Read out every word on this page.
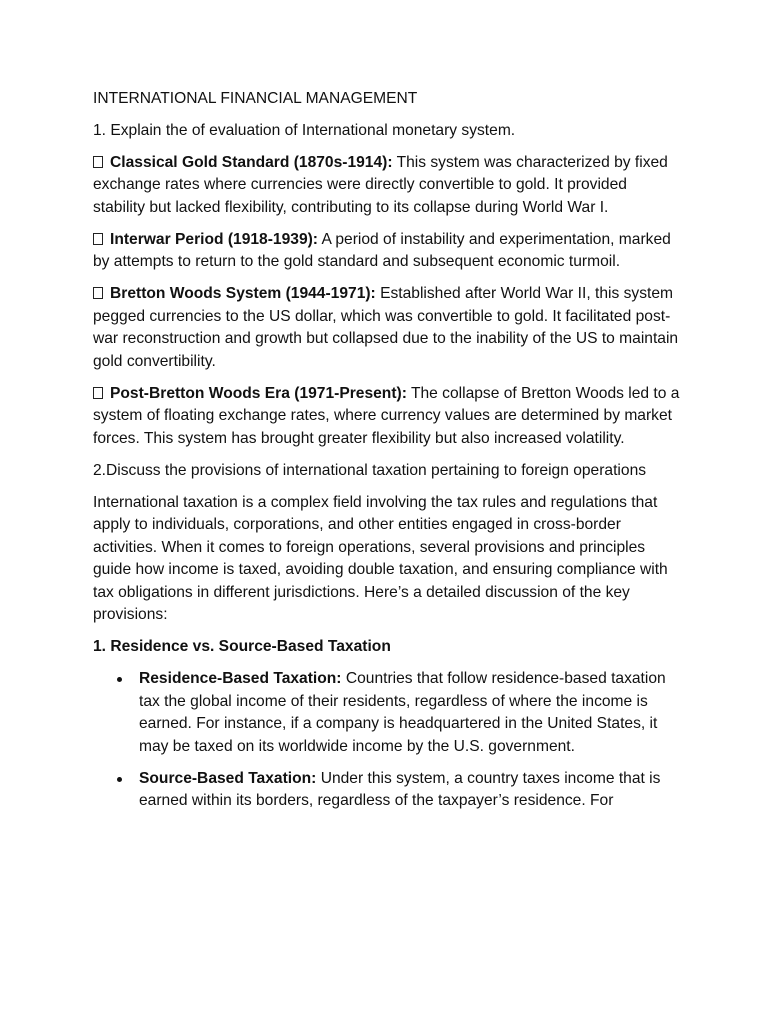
INTERNATIONAL FINANCIAL MANAGEMENT

1. Explain the of evaluation of International monetary system.

Classical Gold Standard (1870s-1914): This system was characterized by fixed exchange rates where currencies were directly convertible to gold. It provided stability but lacked flexibility, contributing to its collapse during World War I.

Interwar Period (1918-1939): A period of instability and experimentation, marked by attempts to return to the gold standard and subsequent economic turmoil.

Bretton Woods System (1944-1971): Established after World War II, this system pegged currencies to the US dollar, which was convertible to gold. It facilitated post-war reconstruction and growth but collapsed due to the inability of the US to maintain gold convertibility.

Post-Bretton Woods Era (1971-Present): The collapse of Bretton Woods led to a system of floating exchange rates, where currency values are determined by market forces. This system has brought greater flexibility but also increased volatility.

2.Discuss the provisions of international taxation pertaining to foreign operations

International taxation is a complex field involving the tax rules and regulations that apply to individuals, corporations, and other entities engaged in cross-border activities. When it comes to foreign operations, several provisions and principles guide how income is taxed, avoiding double taxation, and ensuring compliance with tax obligations in different jurisdictions. Here’s a detailed discussion of the key provisions:

1. Residence vs. Source-Based Taxation

Residence-Based Taxation: Countries that follow residence-based taxation tax the global income of their residents, regardless of where the income is earned. For instance, if a company is headquartered in the United States, it may be taxed on its worldwide income by the U.S. government.
Source-Based Taxation: Under this system, a country taxes income that is earned within its borders, regardless of the taxpayer’s residence. For
